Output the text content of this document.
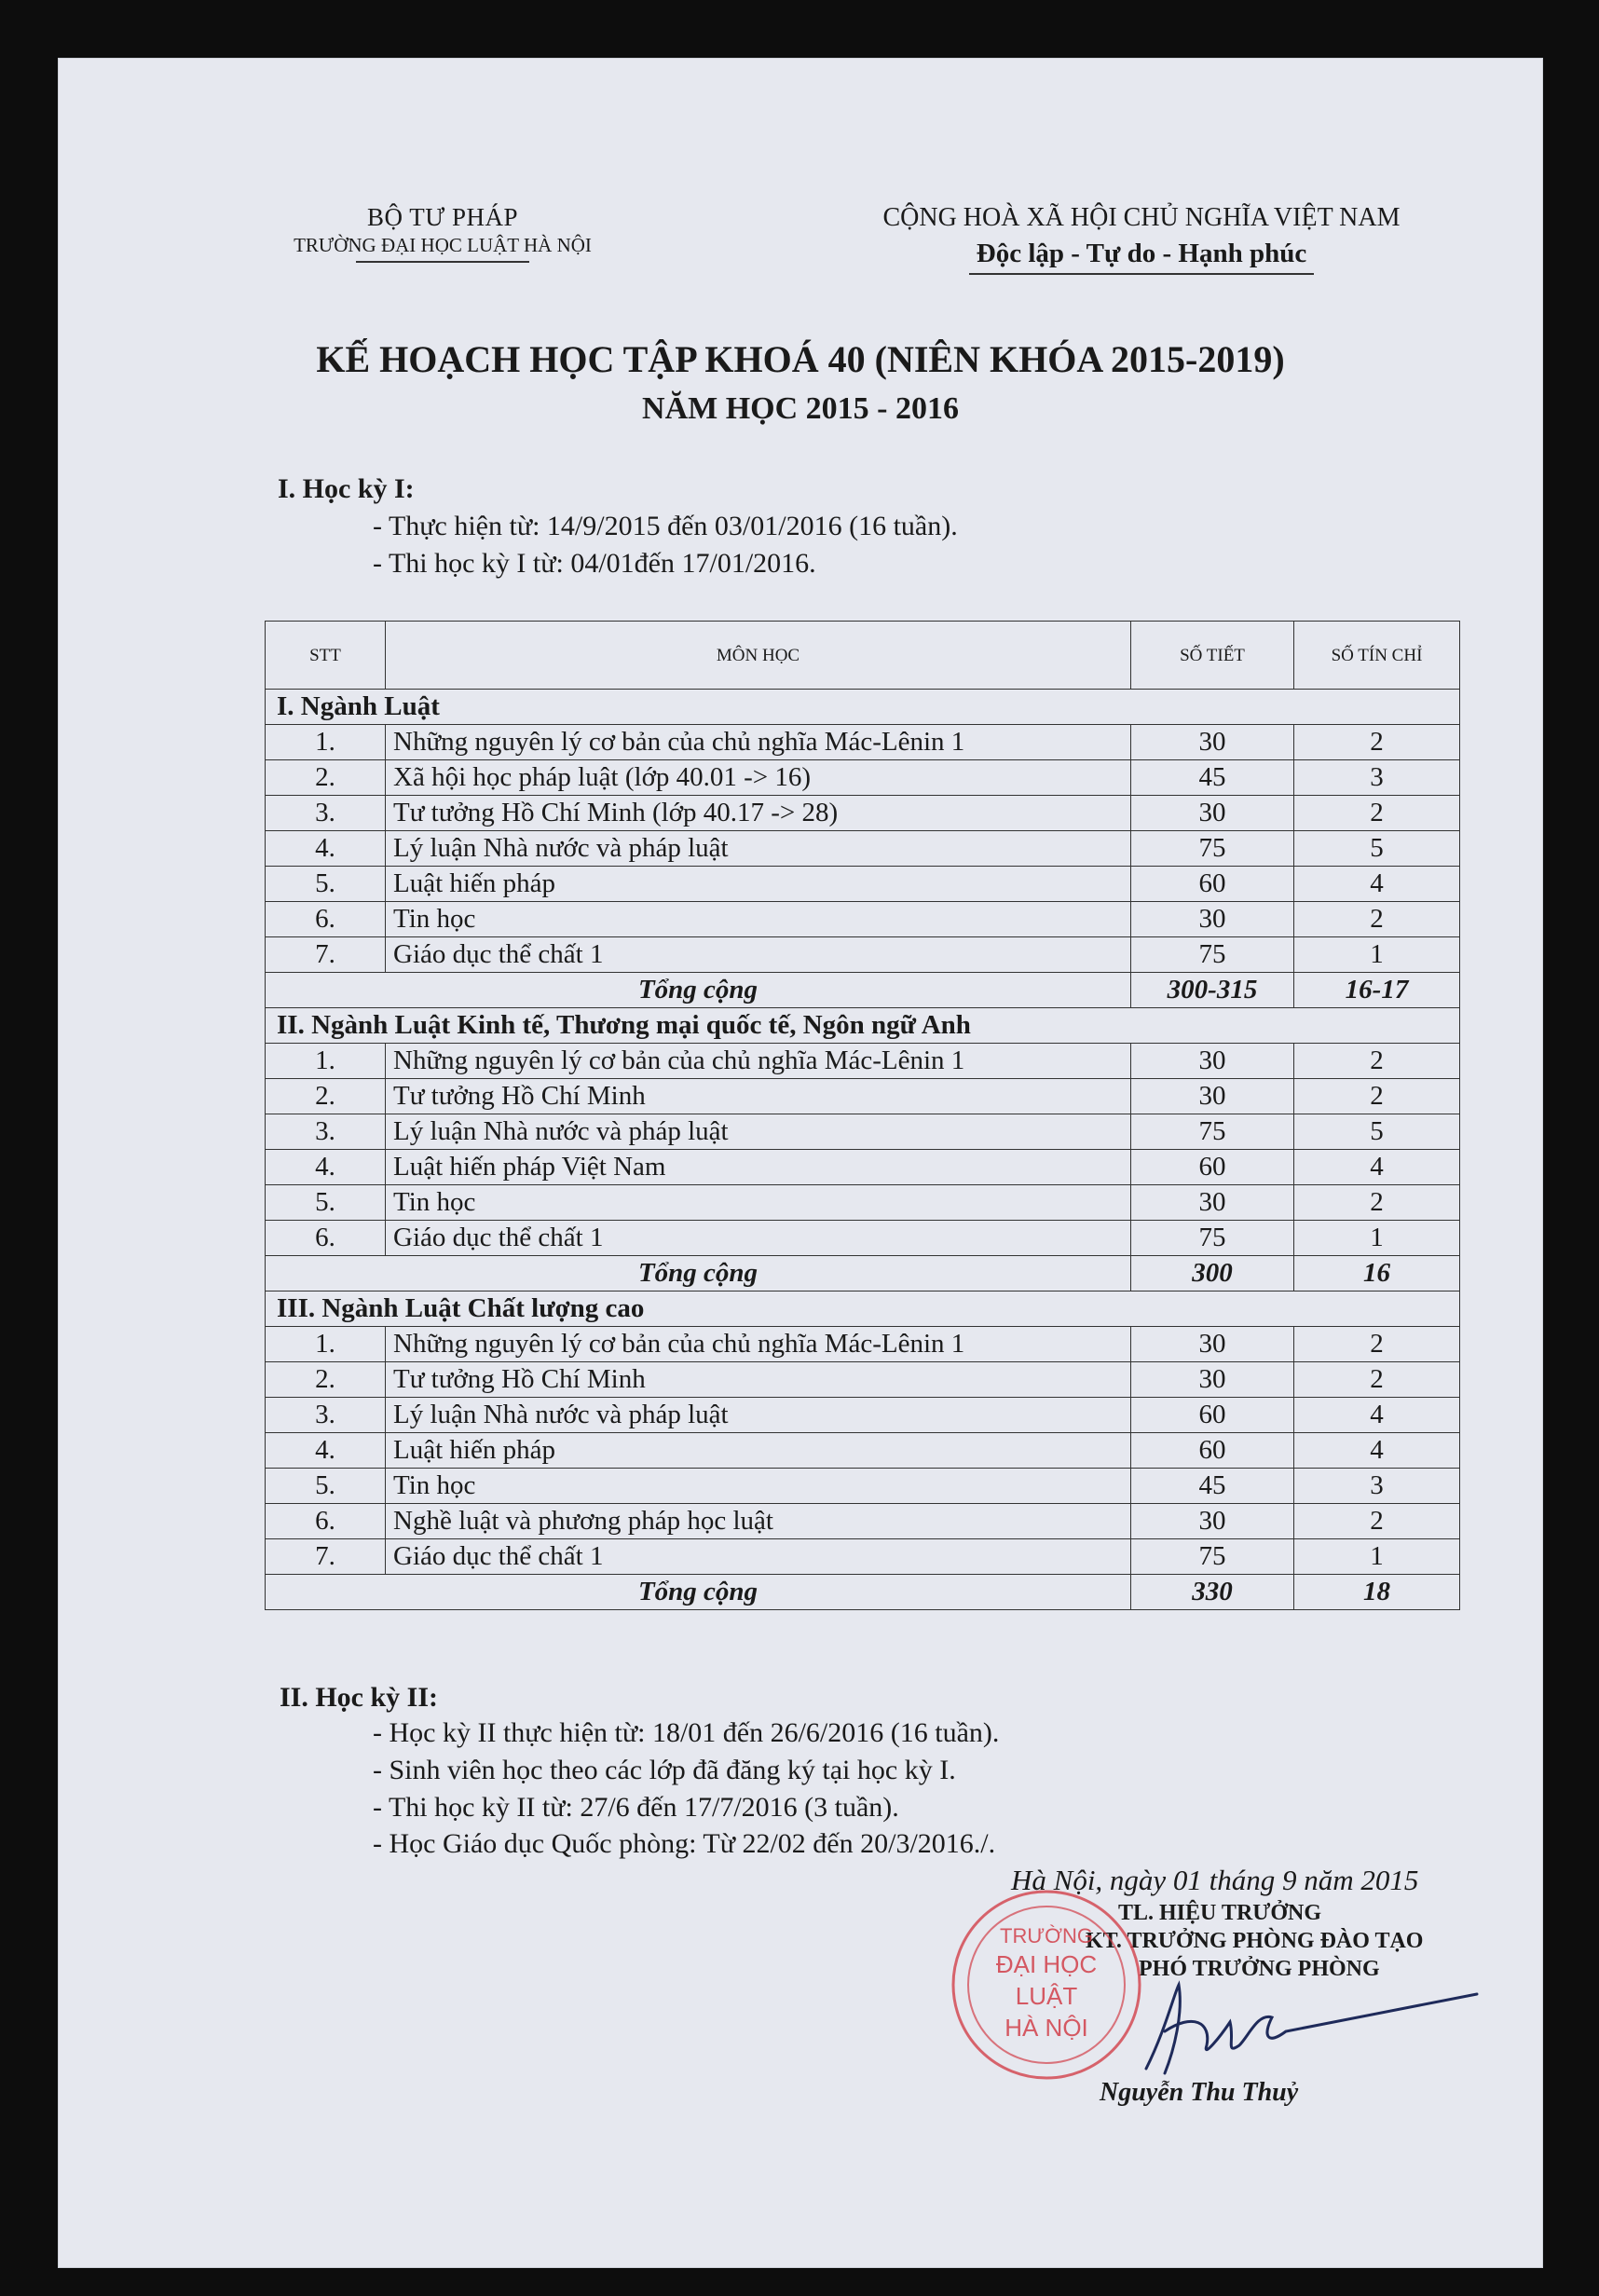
BỘ TƯ PHÁP
TRƯỜNG ĐẠI HỌC LUẬT HÀ NỘI
CỘNG HOÀ XÃ HỘI CHỦ NGHĨA VIỆT NAM
Độc lập - Tự do - Hạnh phúc
KẾ HOẠCH HỌC TẬP KHOÁ 40 (NIÊN KHÓA 2015-2019)
NĂM HỌC 2015 - 2016
I. Học kỳ I:
- Thực hiện từ: 14/9/2015 đến 03/01/2016 (16 tuần).
- Thi học kỳ I từ: 04/01đến 17/01/2016.
STT	MÔN HỌC	SỐ TIẾT	SỐ TÍN CHỈ
I. Ngành Luật			
1.	Những nguyên lý cơ bản của chủ nghĩa Mác-Lênin 1	30	2
2.	Xã hội học pháp luật (lớp 40.01 -> 16)	45	3
3.	Tư tưởng Hồ Chí Minh (lớp 40.17 -> 28)	30	2
4.	Lý luận Nhà nước và pháp luật	75	5
5.	Luật hiến pháp	60	4
6.	Tin học	30	2
7.	Giáo dục thể chất 1	75	1
Tổng cộng		300-315	16-17
II. Ngành Luật Kinh tế, Thương mại quốc tế, Ngôn ngữ Anh			
1.	Những nguyên lý cơ bản của chủ nghĩa Mác-Lênin 1	30	2
2.	Tư tưởng Hồ Chí Minh	30	2
3.	Lý luận Nhà nước và pháp luật	75	5
4.	Luật hiến pháp Việt Nam	60	4
5.	Tin học	30	2
6.	Giáo dục thể chất 1	75	1
Tổng cộng		300	16
III. Ngành Luật Chất lượng cao			
1.	Những nguyên lý cơ bản của chủ nghĩa Mác-Lênin 1	30	2
2.	Tư tưởng Hồ Chí Minh	30	2
3.	Lý luận Nhà nước và pháp luật	60	4
4.	Luật hiến pháp	60	4
5.	Tin học	45	3
6.	Nghề luật và phương pháp học luật	30	2
7.	Giáo dục thể chất 1	75	1
Tổng cộng		330	18
II. Học kỳ II:
- Học kỳ II thực hiện từ: 18/01 đến 26/6/2016 (16 tuần).
- Sinh viên học theo các lớp đã đăng ký tại học kỳ I.
- Thi học kỳ II từ: 27/6 đến 17/7/2016 (3 tuần).
- Học Giáo dục Quốc phòng: Từ 22/02 đến 20/3/2016./.
Hà Nội, ngày 01 tháng 9 năm 2015
TL. HIỆU TRƯỞNG
KT. TRƯỞNG PHÒNG ĐÀO TẠO
PHÓ TRƯỞNG PHÒNG
TRƯỜNG
ĐẠI HỌC
LUẬT
HÀ NỘI
Nguyễn Thu Thuỷ
